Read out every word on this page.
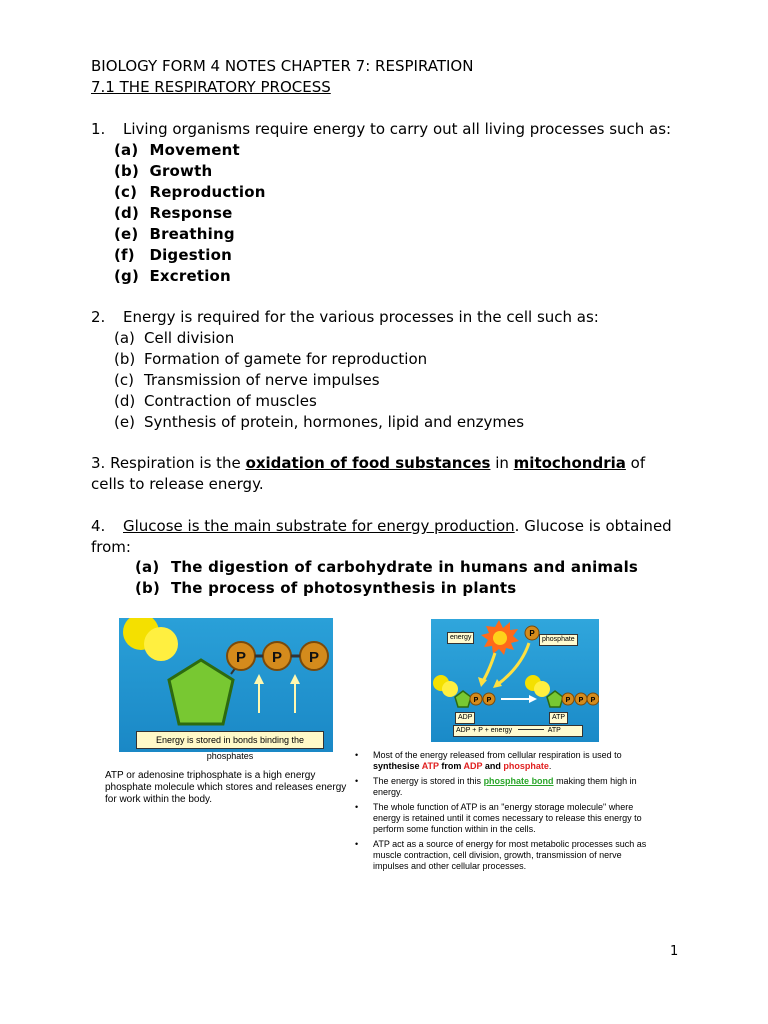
BIOLOGY FORM 4 NOTES CHAPTER 7: RESPIRATION
7.1 THE RESPIRATORY PROCESS
1. Living organisms require energy to carry out all living processes such as:
(a) Movement
(b) Growth
(c) Reproduction
(d) Response
(e) Breathing
(f) Digestion
(g) Excretion
2. Energy is required for the various processes in the cell such as:
(a) Cell division
(b) Formation of gamete for reproduction
(c) Transmission of nerve impulses
(d) Contraction of muscles
(e) Synthesis of protein, hormones, lipid and enzymes
3. Respiration is the oxidation of food substances in mitochondria of
cells to release energy.
4. Glucose is the main substrate for energy production. Glucose is obtained
from:
(a) The digestion of carbohydrate in humans and animals
(b) The process of photosynthesis in plants
P P P
Energy is stored in bonds binding the phosphates
ATP or adenosine triphosphate is a high energy phosphate molecule which stores and releases energy for work within the body.
P
P P	P P P
energy	phosphate
ADP	ATP
ADP + P + energy	ATP
• Most of the energy released from cellular respiration is used to synthesise ATP from ADP and phosphate.
• The energy is stored in this phosphate bond making them high in energy.
• The whole function of ATP is an "energy storage molecule" where energy is retained until it comes necessary to release this energy to perform some function within in the cells.
• ATP act as a source of energy for most metabolic processes such as muscle contraction, cell division, growth, transmission of nerve impulses and other cellular processes.
1
